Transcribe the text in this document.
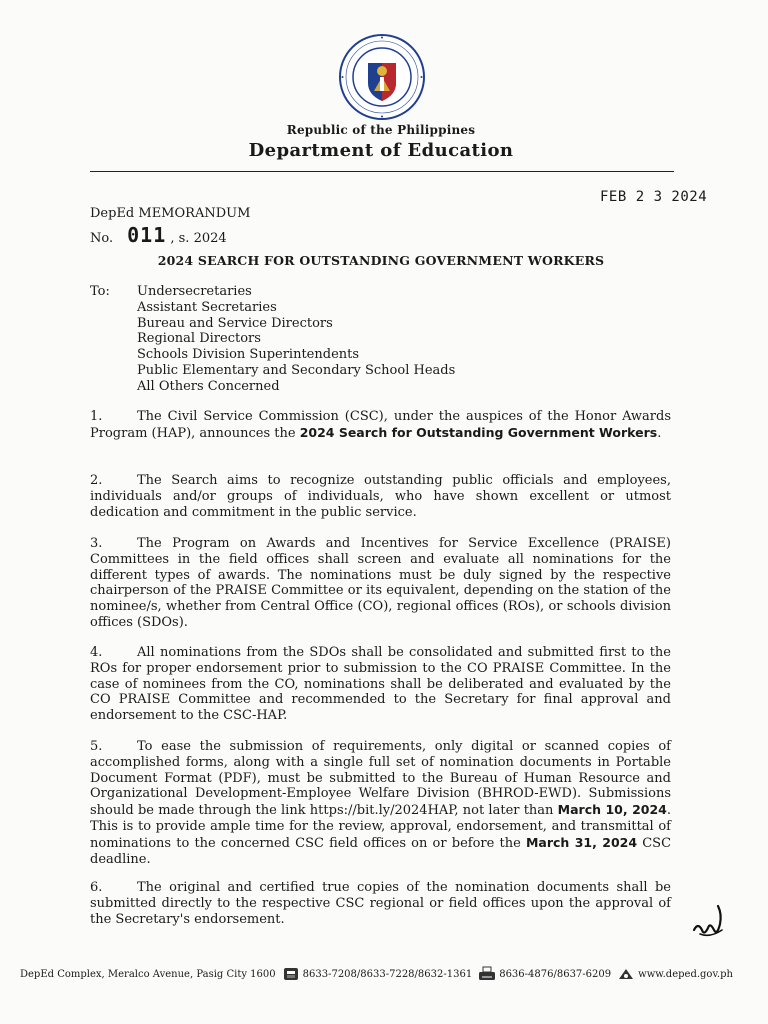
Republic of the Philippines
Department of Education
FEB 2 3 2024
DepEd MEMORANDUM
No. 011 , s. 2024
2024 SEARCH FOR OUTSTANDING GOVERNMENT WORKERS
To: Undersecretaries
Assistant Secretaries
Bureau and Service Directors
Regional Directors
Schools Division Superintendents
Public Elementary and Secondary School Heads
All Others Concerned

1.	The Civil Service Commission (CSC), under the auspices of the Honor Awards Program (HAP), announces the 2024 Search for Outstanding Government Workers.

2.	The Search aims to recognize outstanding public officials and employees, individuals and/or groups of individuals, who have shown excellent or utmost dedication and commitment in the public service.

3.	The Program on Awards and Incentives for Service Excellence (PRAISE) Committees in the field offices shall screen and evaluate all nominations for the different types of awards. The nominations must be duly signed by the respective chairperson of the PRAISE Committee or its equivalent, depending on the station of the nominee/s, whether from Central Office (CO), regional offices (ROs), or schools division offices (SDOs).

4.	All nominations from the SDOs shall be consolidated and submitted first to the ROs for proper endorsement prior to submission to the CO PRAISE Committee. In the case of nominees from the CO, nominations shall be deliberated and evaluated by the CO PRAISE Committee and recommended to the Secretary for final approval and endorsement to the CSC-HAP.

5.	To ease the submission of requirements, only digital or scanned copies of accomplished forms, along with a single full set of nomination documents in Portable Document Format (PDF), must be submitted to the Bureau of Human Resource and Organizational Development-Employee Welfare Division (BHROD-EWD). Submissions should be made through the link https://bit.ly/2024HAP, not later than March 10, 2024. This is to provide ample time for the review, approval, endorsement, and transmittal of nominations to the concerned CSC field offices on or before the March 31, 2024 CSC deadline.

6.	The original and certified true copies of the nomination documents shall be submitted directly to the respective CSC regional or field offices upon the approval of the Secretary's endorsement.

DepEd Complex, Meralco Avenue, Pasig City 1600	8633-7208/8633-7228/8632-1361	8636-4876/8637-6209	www.deped.gov.ph
